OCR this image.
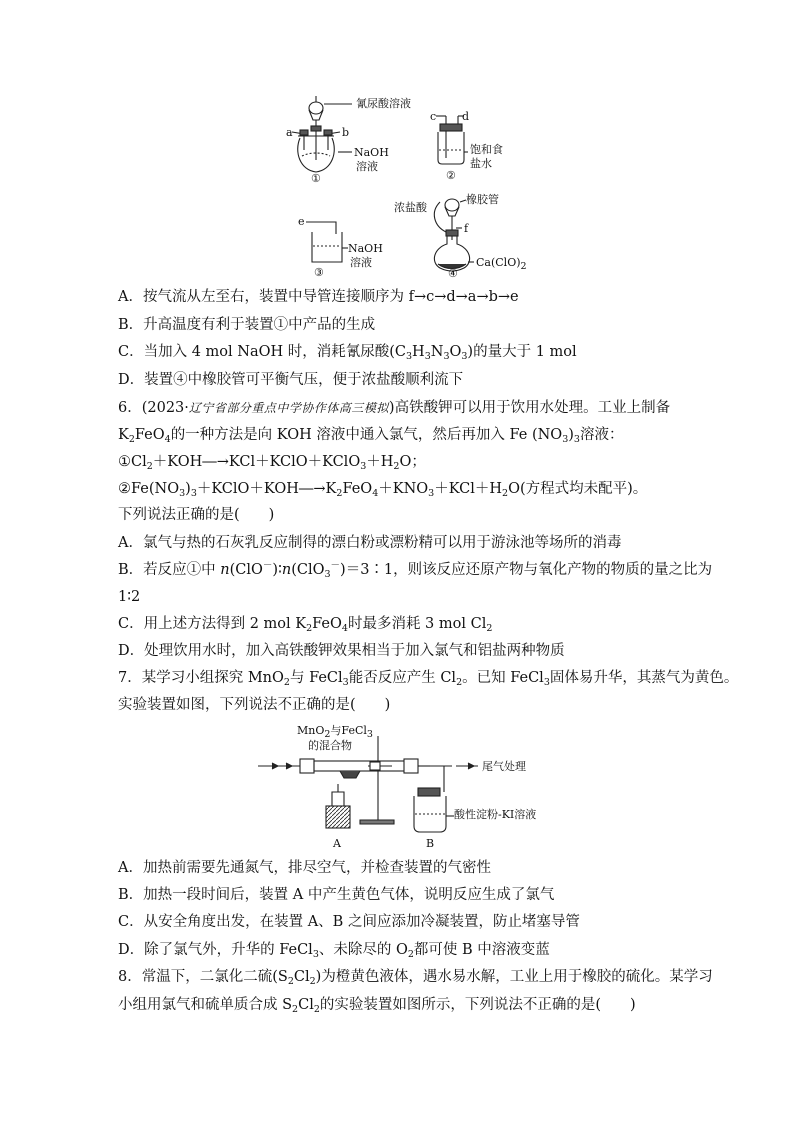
氰尿酸溶液
a	b
NaOH
溶液
①
c d
饱和食
盐水
②
e
NaOH
溶液
③
浓盐酸
橡胶管
f
$Ca(ClO)_2$
④
A．按气流从左至右，装置中导管连接顺序为 f→c→d→a→b→e
B．升高温度有利于装置①中产品的生成
C．当加入 4 mol NaOH 时，消耗氰尿酸$(C_3H_3N_3O_3)$的量大于 1 mol
D．装置④中橡胶管可平衡气压，便于浓盐酸顺利流下
6．(2023·辽宁省部分重点中学协作体高三模拟)高铁酸钾可以用于饮用水处理。工业上制备
$K_2FeO_4$的一种方法是向 KOH 溶液中通入氯气，然后再加入 Fe $(NO_3)_3$溶液：
$①Cl_2+KOH―\to KCl+KClO+KClO_3+H_2O$；
$②Fe(NO_3)_3+KClO+KOH―\to K_2FeO_4+KNO_3+KCl+H_2O$(方程式均未配平)。
下列说法正确的是(　　)
A．氯气与热的石灰乳反应制得的漂白粉或漂粉精可以用于游泳池等场所的消毒
B．若反应①中 n(ClO－)∶n(ClO$_3$－)＝3∶1，则该反应还原产物与氧化产物的物质的量之比为
1∶2
C．用上述方法得到 2 mol $K_2FeO_4$时最多消耗 3 mol $Cl_2$
D．处理饮用水时，加入高铁酸钾效果相当于加入氯气和铝盐两种物质
7．某学习小组探究 MnO$_2$与 FeCl$_3$能否反应产生 $Cl_2$。已知 FeCl$_3$固体易升华，其蒸气为黄色。
实验装置如图，下列说法不正确的是(　　)
MnO$_2$与FeCl$_3$
的混合物
尾气处理
酸性淀粉-KI溶液
A	B
A．加热前需要先通氮气，排尽空气，并检查装置的气密性
B．加热一段时间后，装置 A 中产生黄色气体，说明反应生成了氯气
C．从安全角度出发，在装置 A、B 之间应添加冷凝装置，防止堵塞导管
D．除了氯气外，升华的 FeCl$_3$、未除尽的 $O_2$都可使 B 中溶液变蓝
8．常温下，二氯化二硫$(S_2Cl_2)$为橙黄色液体，遇水易水解，工业上用于橡胶的硫化。某学习
小组用氯气和硫单质合成 $S_2Cl_2$的实验装置如图所示，下列说法不正确的是(　　)
